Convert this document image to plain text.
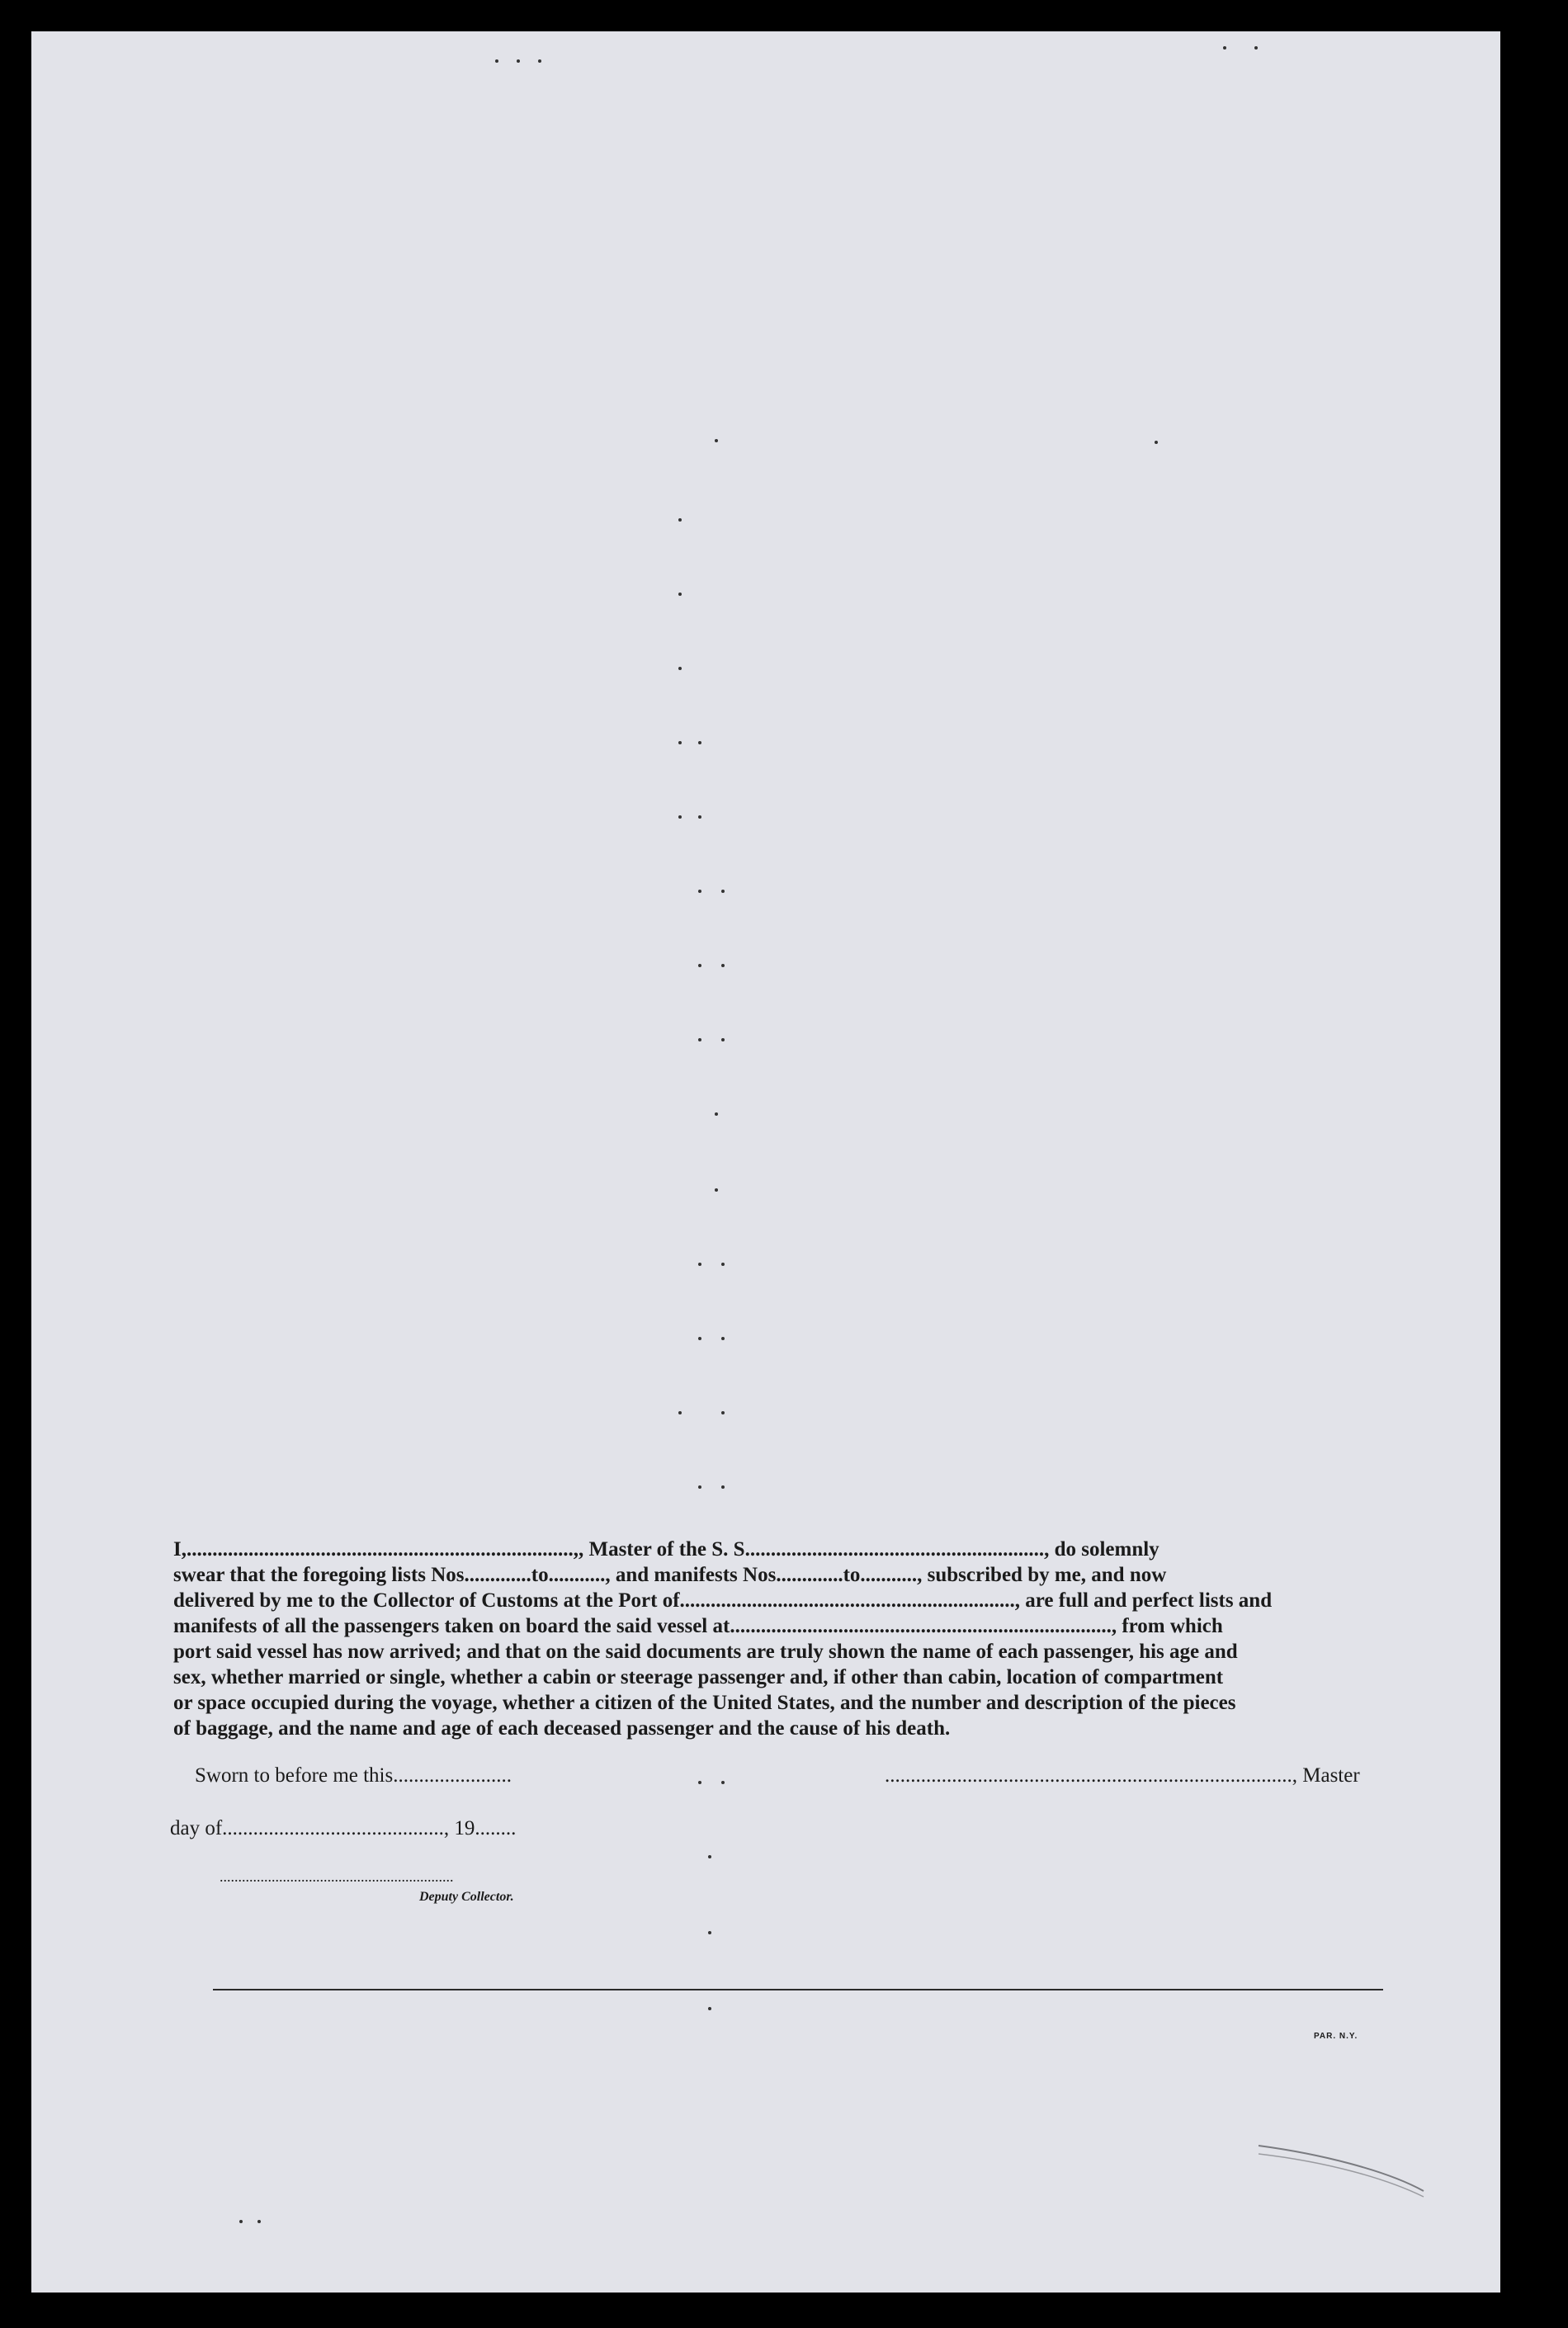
I,...........................................................................,, Master of the S. S.........................................................., do solemnly
swear that the foregoing lists Nos.............to..........., and manifests Nos.............to..........., subscribed by me, and now
delivered by me to the Collector of Customs at the Port of................................................................., are full and perfect lists and
manifests of all the passengers taken on board the said vessel at.........................................................................., from which
port said vessel has now arrived; and that on the said documents are truly shown the name of each passenger, his age and
sex, whether married or single, whether a cabin or steerage passenger and, if other than cabin, location of compartment
or space occupied during the voyage, whether a citizen of the United States, and the number and description of the pieces
of baggage, and the name and age of each deceased passenger and the cause of his death.
Sworn to before me this.......................	..............................................................................., Master
day of..........................................., 19........
...............................................................
Deputy Collector.
PAR. N.Y.
